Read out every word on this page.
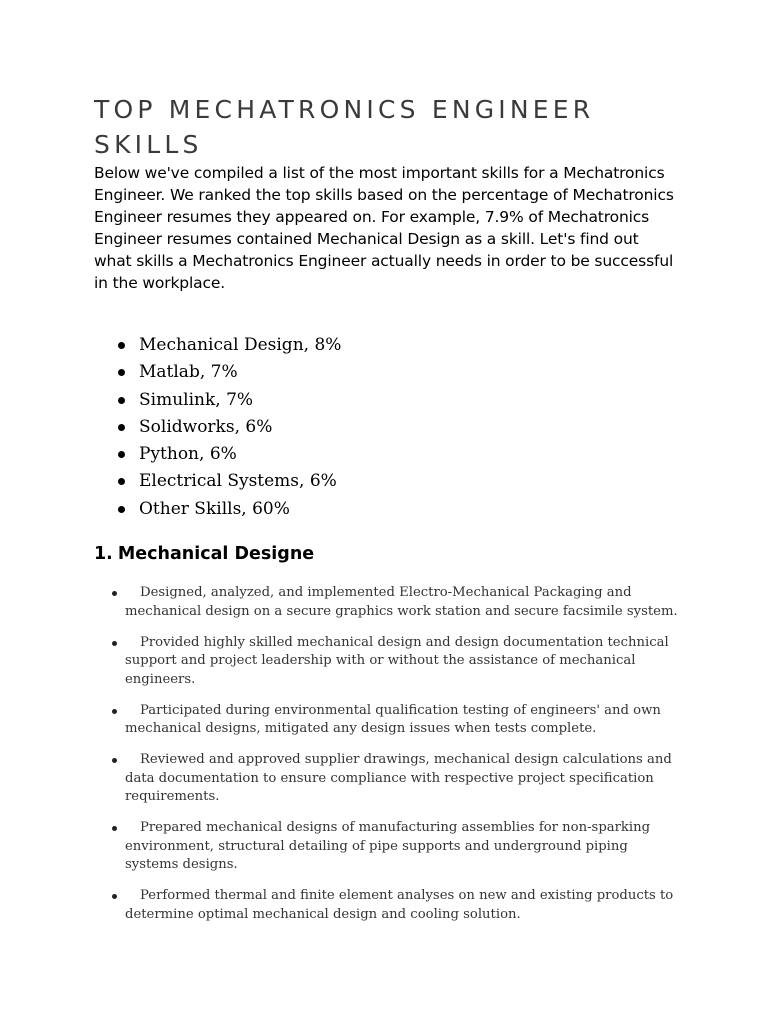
TOP MECHATRONICS ENGINEER SKILLS

Below we've compiled a list of the most important skills for a Mechatronics Engineer. We ranked the top skills based on the percentage of Mechatronics Engineer resumes they appeared on. For example, 7.9% of Mechatronics Engineer resumes contained Mechanical Design as a skill. Let's find out what skills a Mechatronics Engineer actually needs in order to be successful in the workplace.

Mechanical Design, 8%
Matlab, 7%
Simulink, 7%
Solidworks, 6%
Python, 6%
Electrical Systems, 6%
Other Skills, 60%
1. Mechanical Designe
Designed, analyzed, and implemented Electro-Mechanical Packaging and mechanical design on a secure graphics work station and secure facsimile system.
Provided highly skilled mechanical design and design documentation technical support and project leadership with or without the assistance of mechanical engineers.
Participated during environmental qualification testing of engineers' and own mechanical designs, mitigated any design issues when tests complete.
Reviewed and approved supplier drawings, mechanical design calculations and data documentation to ensure compliance with respective project specification requirements.
Prepared mechanical designs of manufacturing assemblies for non-sparking environment, structural detailing of pipe supports and underground piping systems designs.
Performed thermal and finite element analyses on new and existing products to determine optimal mechanical design and cooling solution.
